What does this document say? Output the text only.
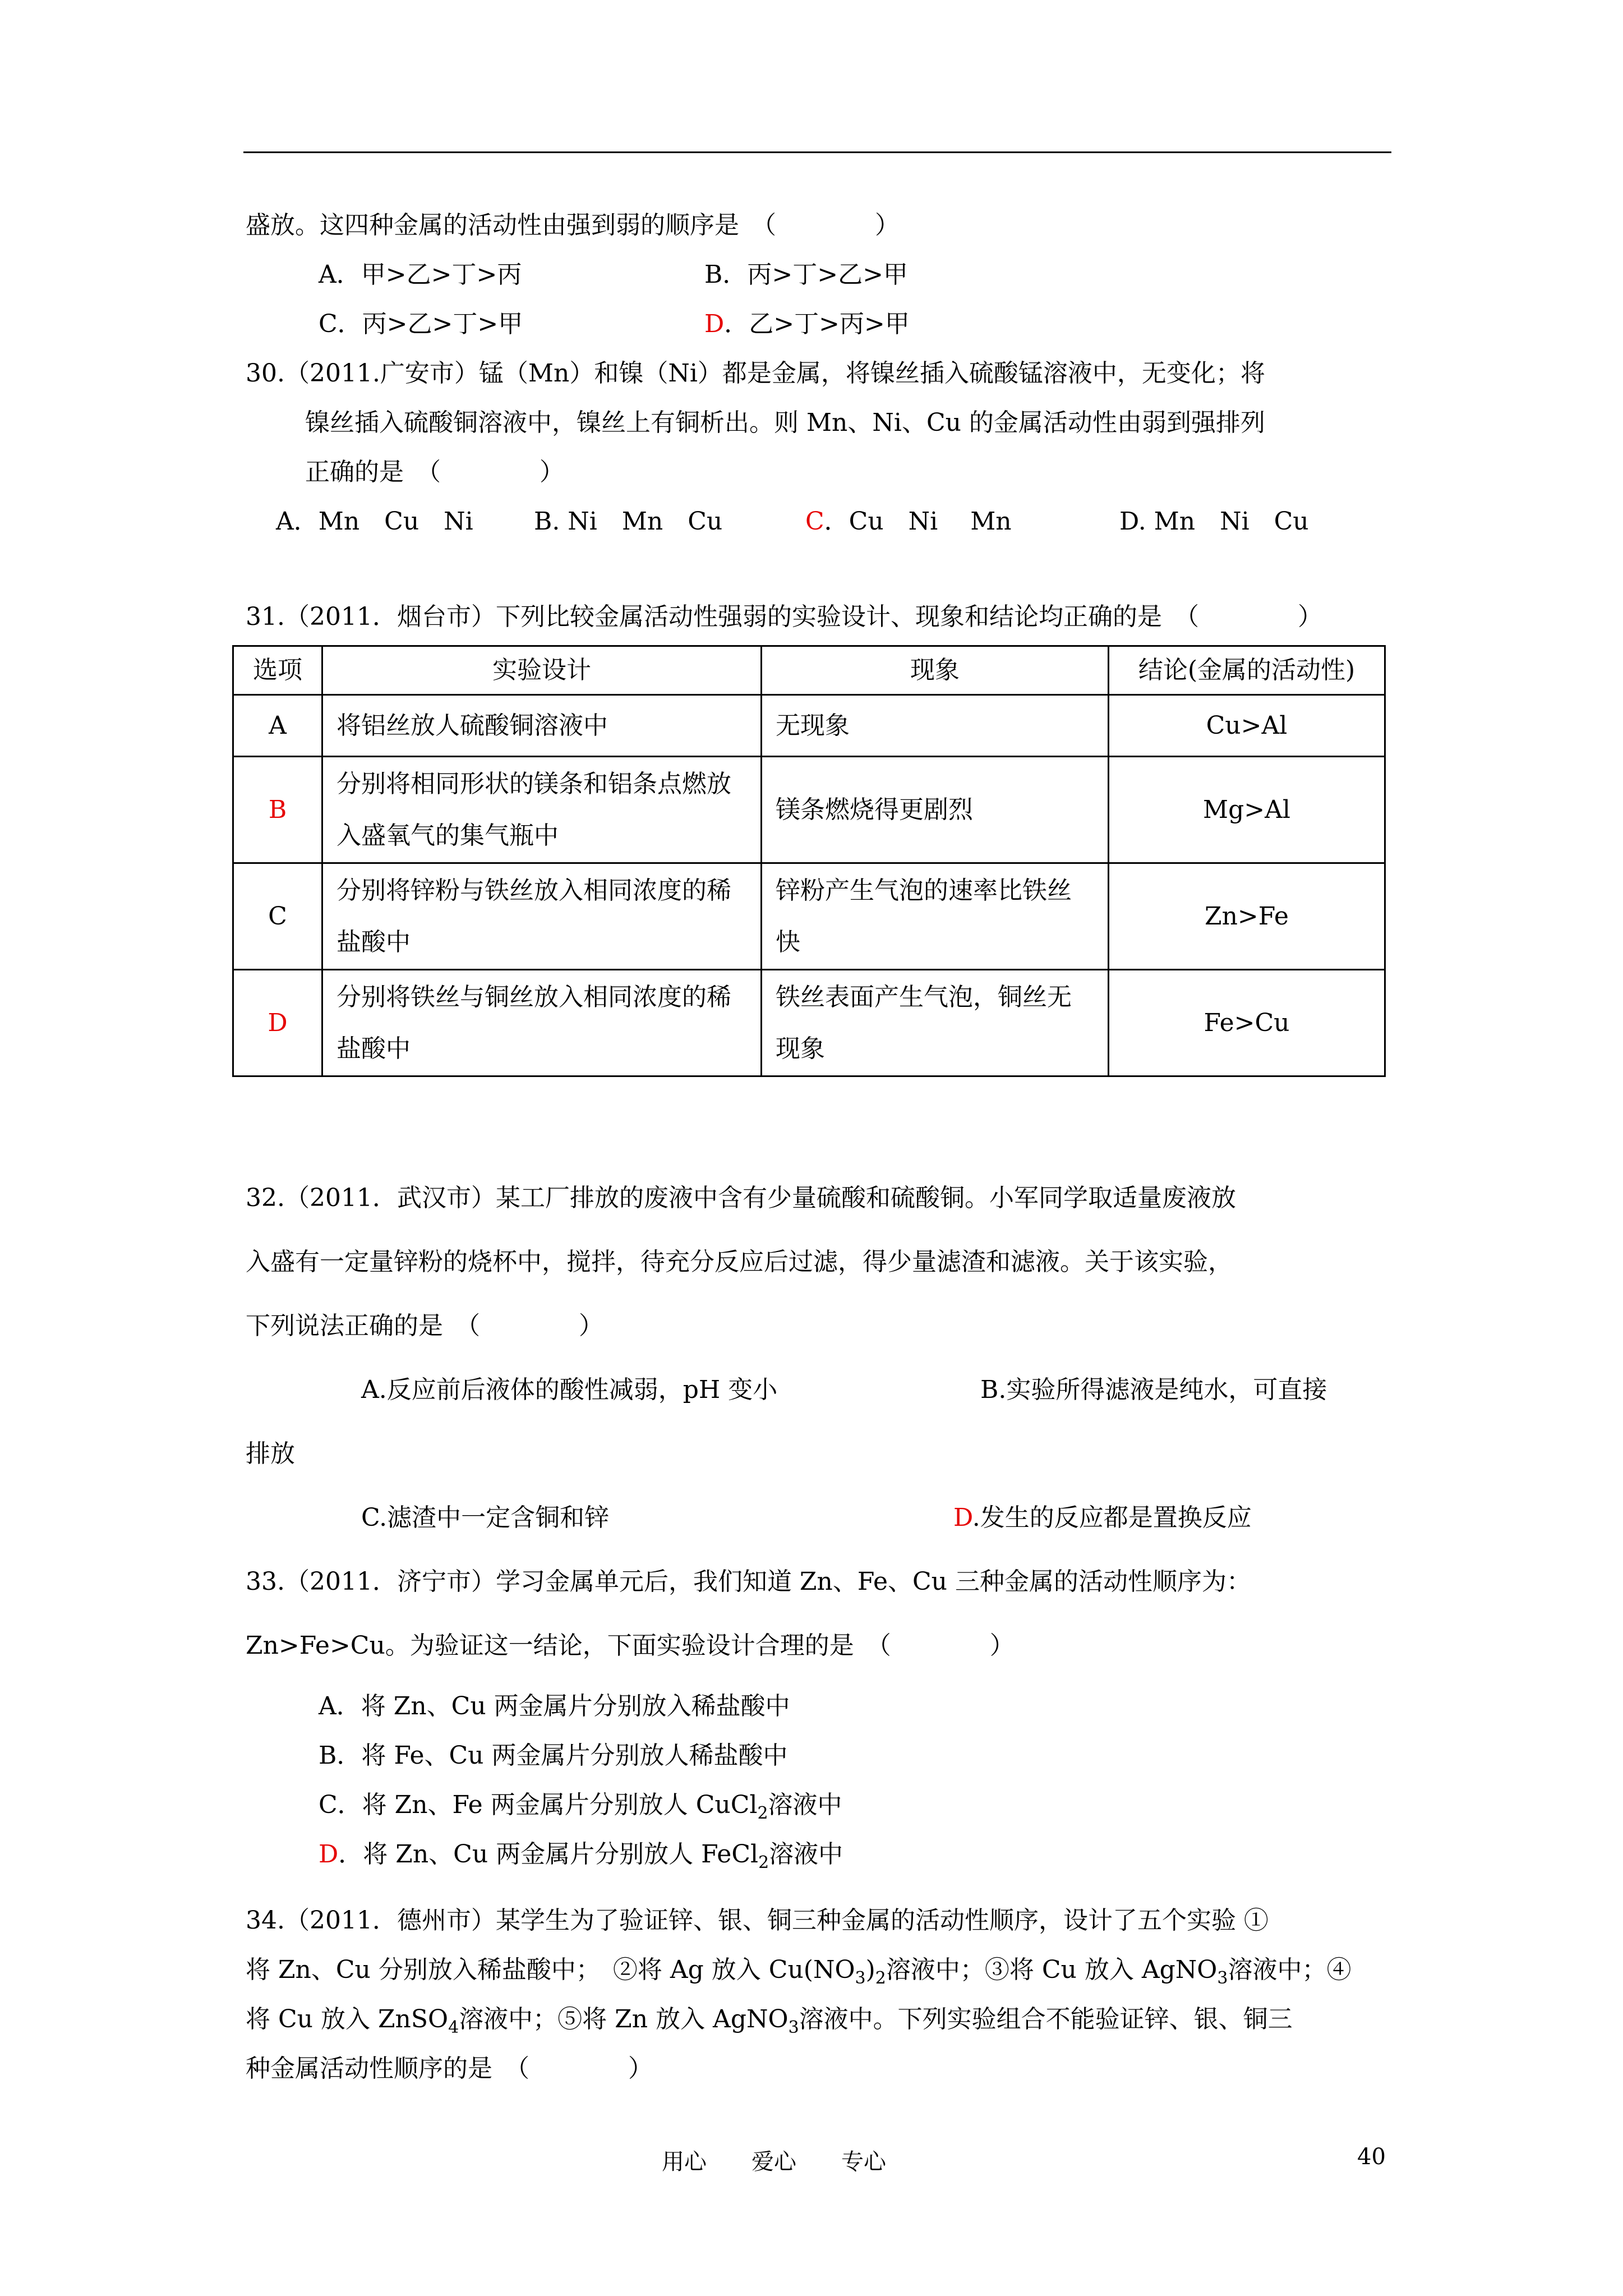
盛放。这四种金属的活动性由强到弱的顺序是　（　　　　）
A．甲>乙>丁>丙	B．丙>丁>乙>甲
C．丙>乙>丁>甲	D．乙>丁>丙>甲
30.（2011.广安市）锰（Mn）和镍（Ni）都是金属，将镍丝插入硫酸锰溶液中，无变化；将
镍丝插入硫酸铜溶液中，镍丝上有铜析出。则 Mn、Ni、Cu 的金属活动性由弱到强排列
正确的是　（　　　　）
A．Mn　Cu　Ni B. Ni　Mn　Cu	C．Cu　Ni　 Mn	D. Mn　Ni　Cu
31.（2011．烟台市）下列比较金属活动性强弱的实验设计、现象和结论均正确的是　（　　　　）
选项	实验设计	现象	结论(金属的活动性)
A	将铝丝放人硫酸铜溶液中	无现象	Cu>Al
B	分别将相同形状的镁条和铝条点燃放入盛氧气的集气瓶中	镁条燃烧得更剧烈	Mg>Al
C	分别将锌粉与铁丝放入相同浓度的稀盐酸中	锌粉产生气泡的速率比铁丝快	Zn>Fe
D	分别将铁丝与铜丝放入相同浓度的稀盐酸中	铁丝表面产生气泡，铜丝无现象	Fe>Cu
32.（2011．武汉市）某工厂排放的废液中含有少量硫酸和硫酸铜。小军同学取适量废液放
入盛有一定量锌粉的烧杯中，搅拌，待充分反应后过滤，得少量滤渣和滤液。关于该实验，
下列说法正确的是　（　　　　）
A.反应前后液体的酸性减弱，pH 变小	B.实验所得滤液是纯水，可直接
排放
C.滤渣中一定含铜和锌	D.发生的反应都是置换反应
33.（2011．济宁市）学习金属单元后，我们知道 Zn、Fe、Cu 三种金属的活动性顺序为：
Zn>Fe>Cu。为验证这一结论，下面实验设计合理的是　（　　　　）
A．将 Zn、Cu 两金属片分别放入稀盐酸中
B．将 Fe、Cu 两金属片分别放人稀盐酸中
C．将 Zn、Fe 两金属片分别放人 CuCl$_2$溶液中
D．将 Zn、Cu 两金属片分别放人 FeCl$_2$溶液中
34.（2011．德州市）某学生为了验证锌、银、铜三种金属的活动性顺序，设计了五个实验 ①
将 Zn、Cu 分别放入稀盐酸中；　②将 Ag 放入 $Cu(NO_3)_2$溶液中；③将 Cu 放入 AgNO$_3$溶液中；④
将 Cu 放入 ZnSO$_4$溶液中；⑤将 Zn 放入 AgNO$_3$溶液中。下列实验组合不能验证锌、银、铜三
种金属活动性顺序的是　（　　　　）
用心　　爱心　　专心	40
